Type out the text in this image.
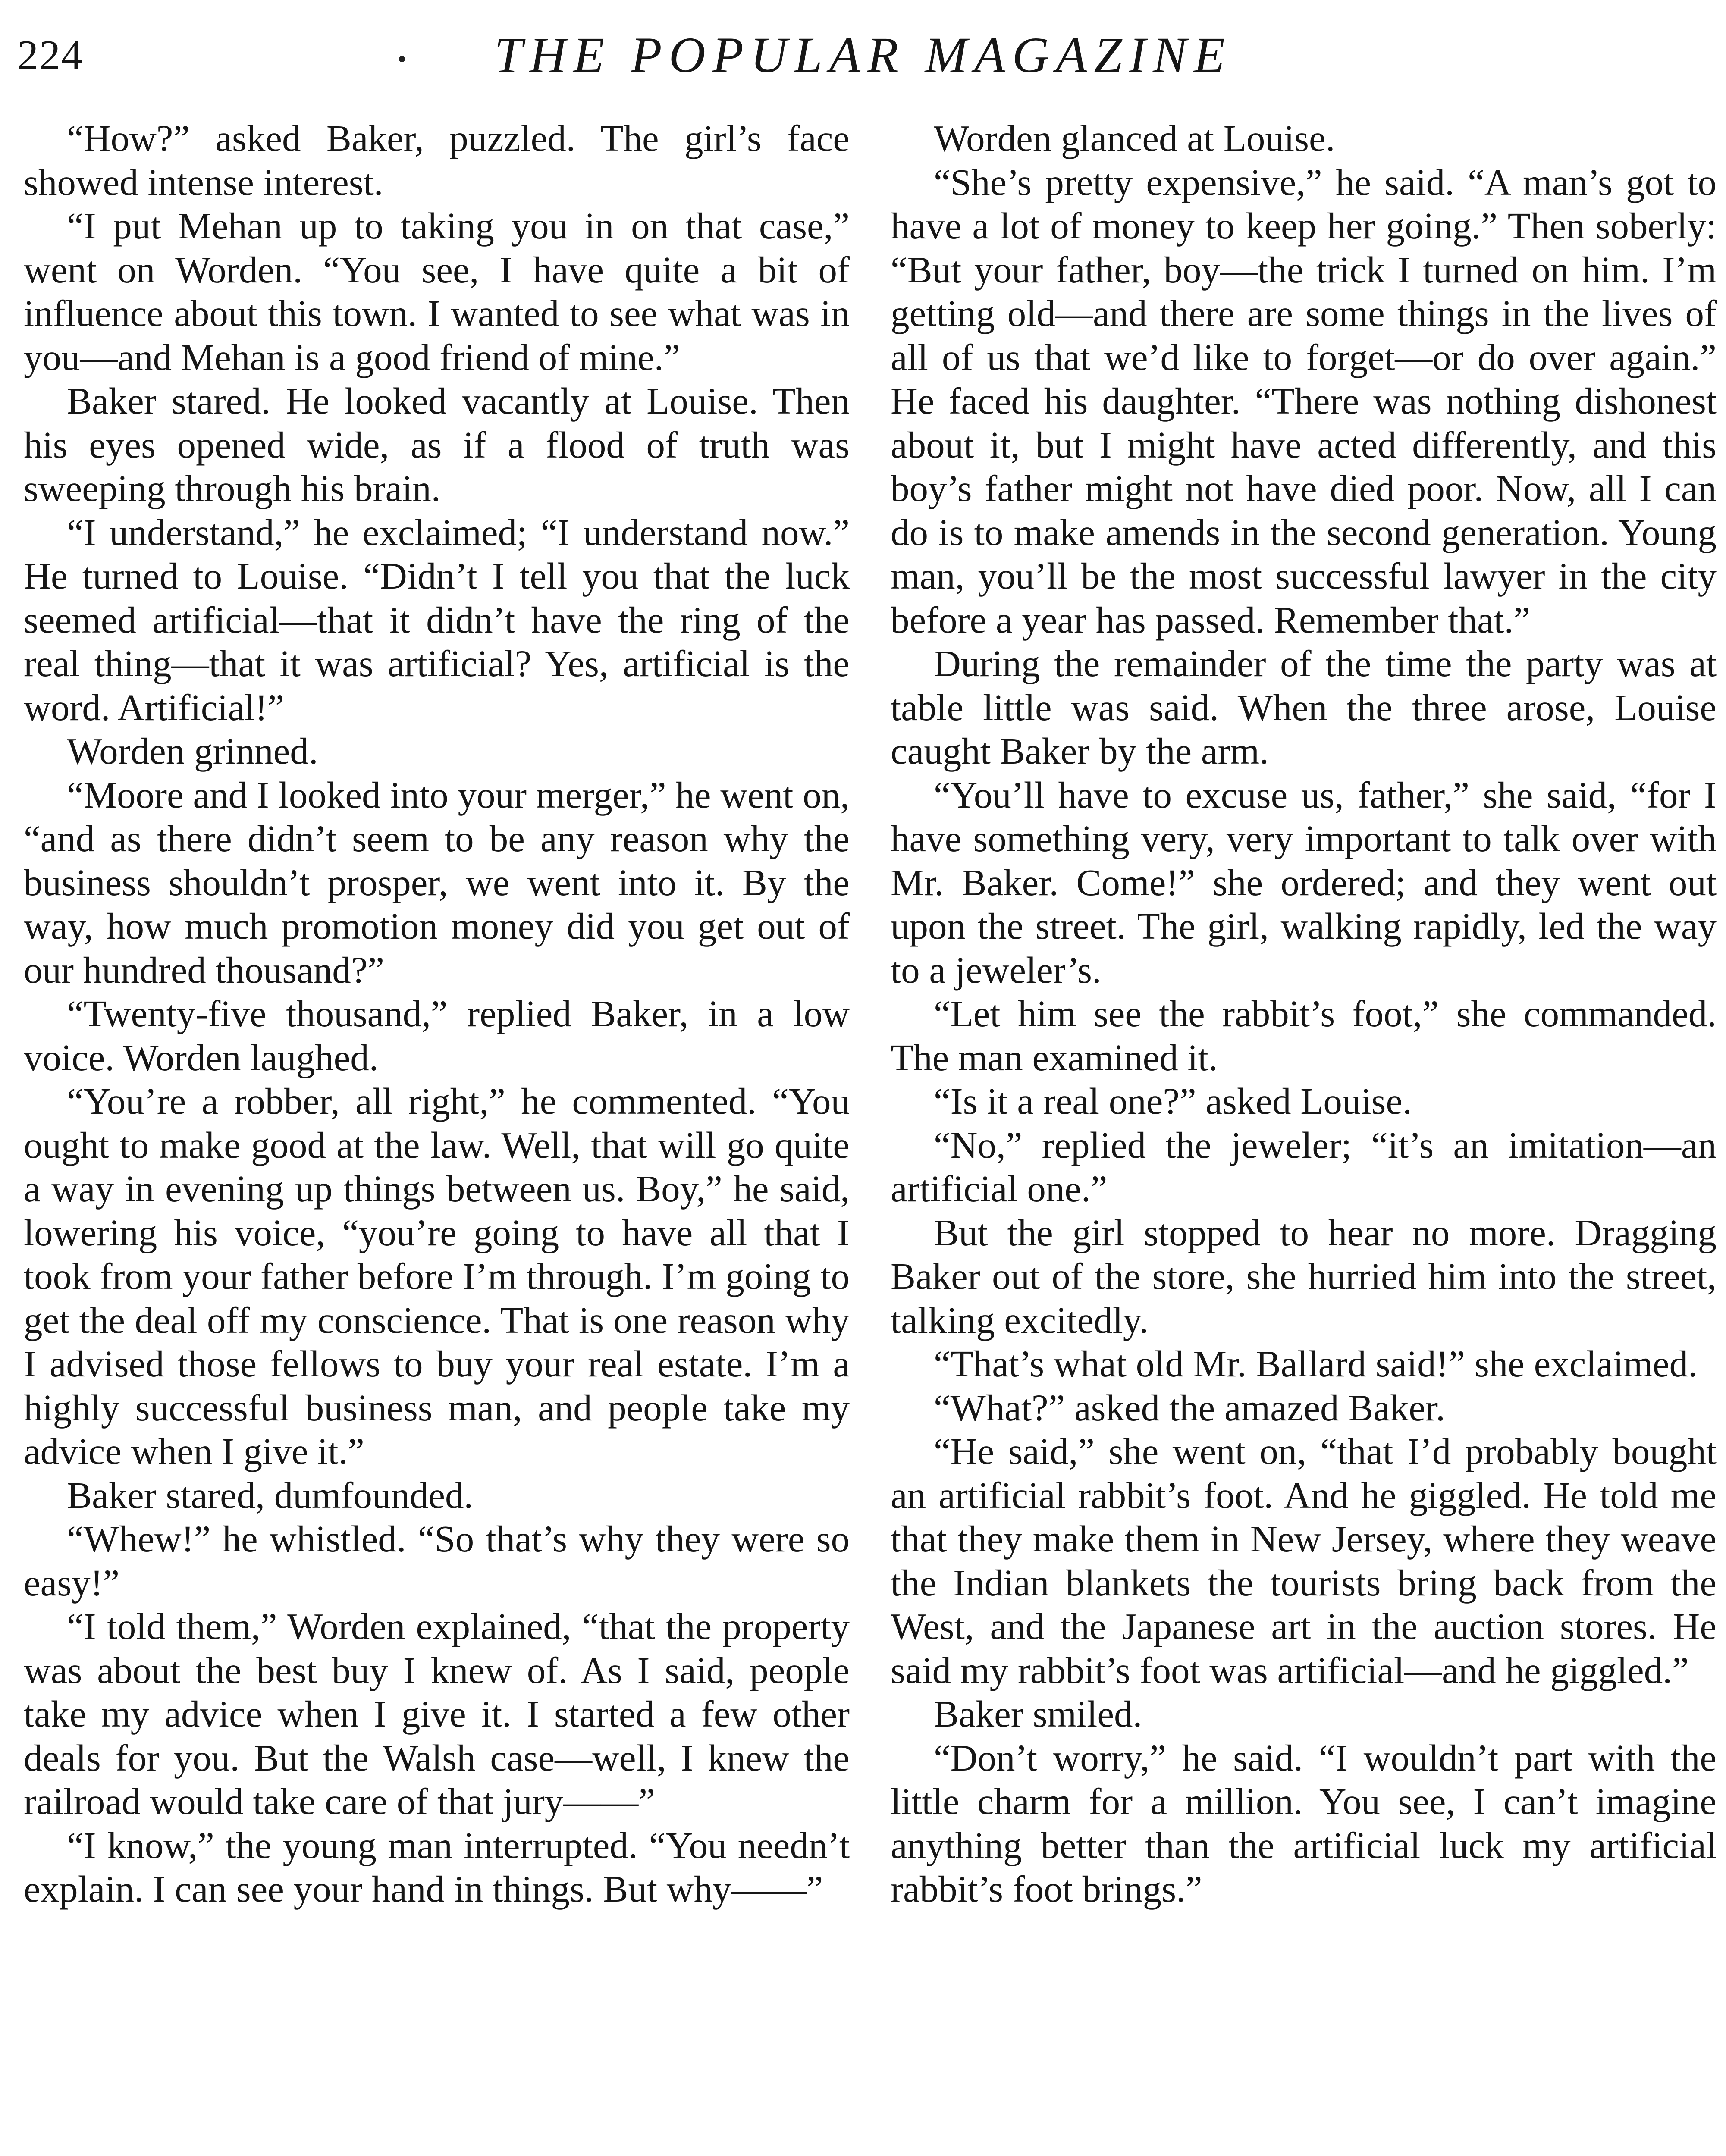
224	THE POPULAR MAGAZINE

“How?” asked Baker, puzzled. The girl’s face showed intense interest.

“I put Mehan up to taking you in on that case,” went on Worden. “You see, I have quite a bit of influence about this town. I wanted to see what was in you—and Mehan is a good friend of mine.”

Baker stared. He looked vacantly at Louise. Then his eyes opened wide, as if a flood of truth was sweeping through his brain.

“I understand,” he exclaimed; “I understand now.” He turned to Louise. “Didn’t I tell you that the luck seemed artificial—that it didn’t have the ring of the real thing—that it was artificial? Yes, artificial is the word. Artificial!”

Worden grinned.

“Moore and I looked into your merger,” he went on, “and as there didn’t seem to be any reason why the business shouldn’t prosper, we went into it. By the way, how much promotion money did you get out of our hundred thousand?”

“Twenty-five thousand,” replied Baker, in a low voice. Worden laughed.

“You’re a robber, all right,” he commented. “You ought to make good at the law. Well, that will go quite a way in evening up things between us. Boy,” he said, lowering his voice, “you’re going to have all that I took from your father before I’m through. I’m going to get the deal off my conscience. That is one reason why I advised those fellows to buy your real estate. I’m a highly successful business man, and people take my advice when I give it.”

Baker stared, dumfounded.

“Whew!” he whistled. “So that’s why they were so easy!”

“I told them,” Worden explained, “that the property was about the best buy I knew of. As I said, people take my advice when I give it. I started a few other deals for you. But the Walsh case—well, I knew the railroad would take care of that jury——”

“I know,” the young man interrupted. “You needn’t explain. I can see your hand in things. But why——”

Worden glanced at Louise.

“She’s pretty expensive,” he said. “A man’s got to have a lot of money to keep her going.” Then soberly: “But your father, boy—the trick I turned on him. I’m getting old—and there are some things in the lives of all of us that we’d like to forget—or do over again.” He faced his daughter. “There was nothing dishonest about it, but I might have acted differently, and this boy’s father might not have died poor. Now, all I can do is to make amends in the second generation. Young man, you’ll be the most successful lawyer in the city before a year has passed. Remember that.”

During the remainder of the time the party was at table little was said. When the three arose, Louise caught Baker by the arm.

“You’ll have to excuse us, father,” she said, “for I have something very, very important to talk over with Mr. Baker. Come!” she ordered; and they went out upon the street. The girl, walking rapidly, led the way to a jeweler’s.

“Let him see the rabbit’s foot,” she commanded. The man examined it.

“Is it a real one?” asked Louise.

“No,” replied the jeweler; “it’s an imitation—an artificial one.”

But the girl stopped to hear no more. Dragging Baker out of the store, she hurried him into the street, talking excitedly.

“That’s what old Mr. Ballard said!” she exclaimed.

“What?” asked the amazed Baker.

“He said,” she went on, “that I’d probably bought an artificial rabbit’s foot. And he giggled. He told me that they make them in New Jersey, where they weave the Indian blankets the tourists bring back from the West, and the Japanese art in the auction stores. He said my rabbit’s foot was artificial—and he giggled.”

Baker smiled.

“Don’t worry,” he said. “I wouldn’t part with the little charm for a million. You see, I can’t imagine anything better than the artificial luck my artificial rabbit’s foot brings.”
